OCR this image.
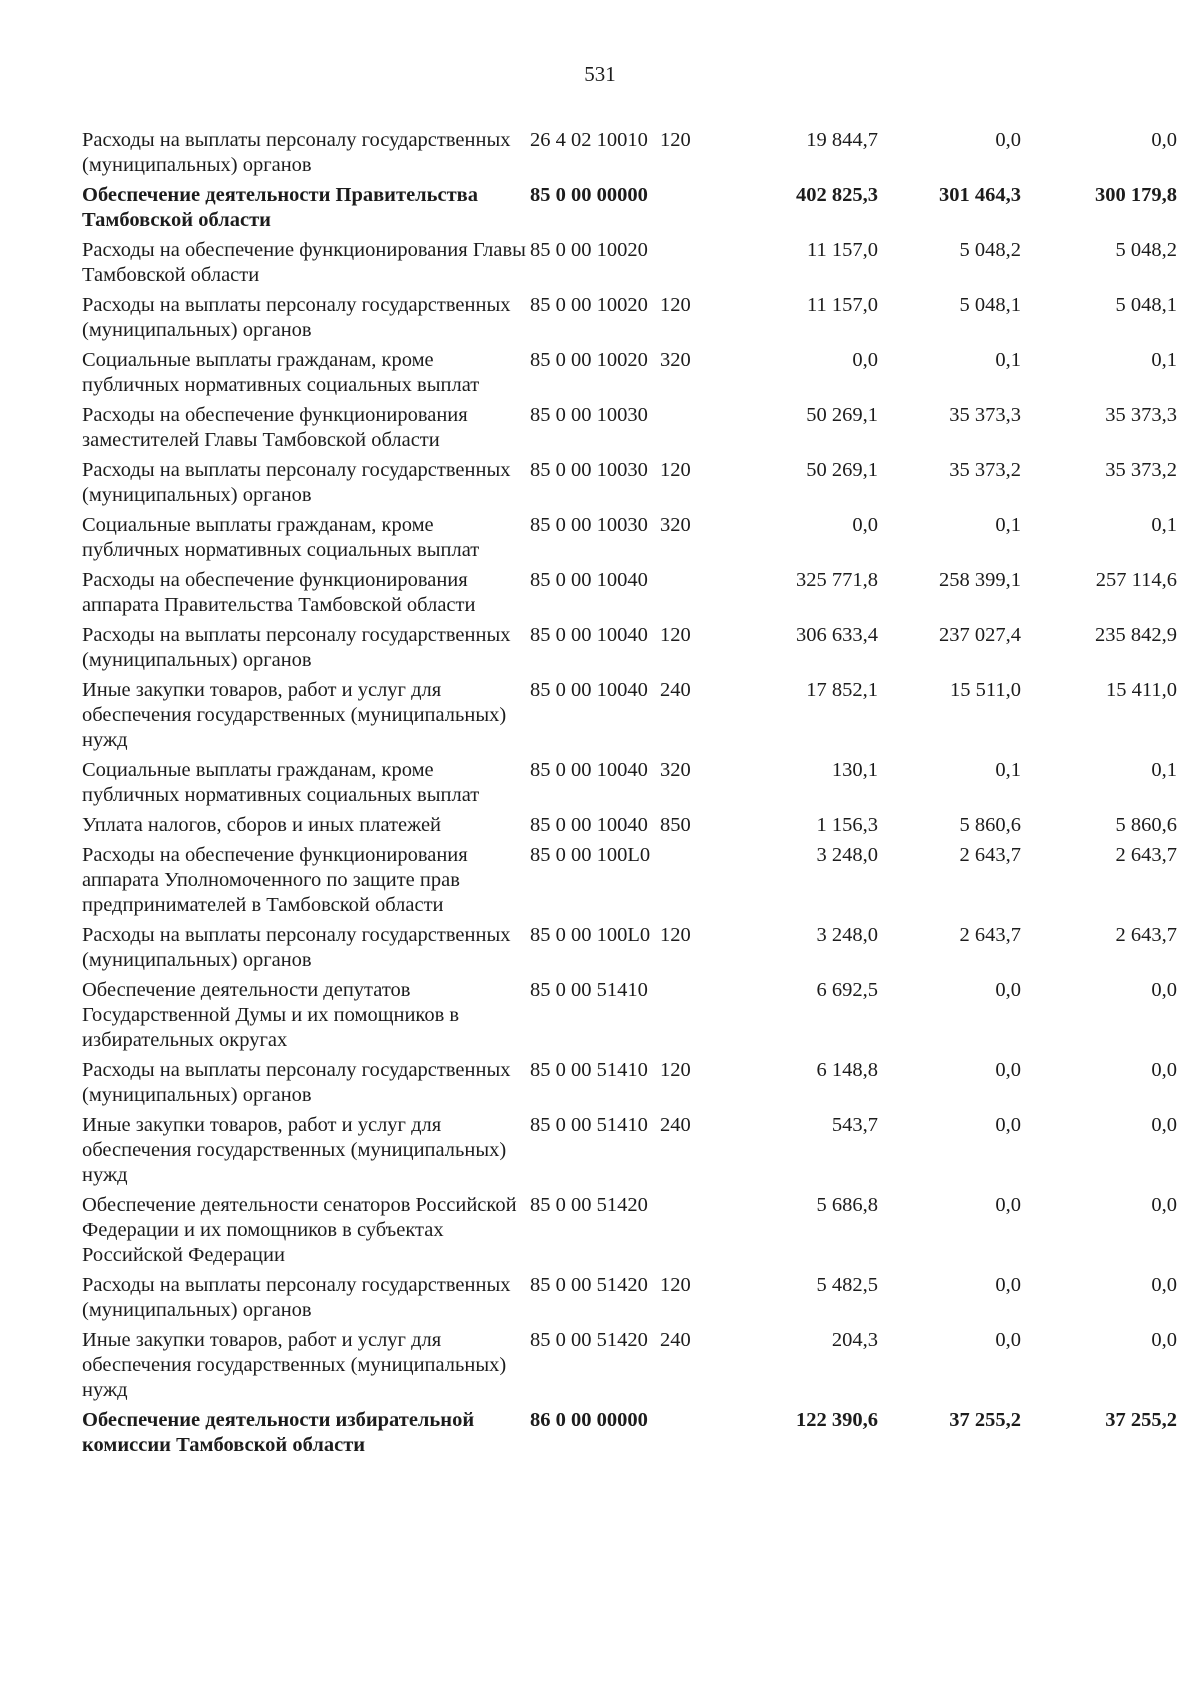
531
Расходы на выплаты персоналу государственных (муниципальных) органов	26 4 02 10010	120	19 844,7	0,0	0,0
Обеспечение деятельности Правительства Тамбовской области	85 0 00 00000		402 825,3	301 464,3	300 179,8
Расходы на обеспечение функционирования Главы Тамбовской области	85 0 00 10020		11 157,0	5 048,2	5 048,2
Расходы на выплаты персоналу государственных (муниципальных) органов	85 0 00 10020	120	11 157,0	5 048,1	5 048,1
Социальные выплаты гражданам, кроме публичных нормативных социальных выплат	85 0 00 10020	320	0,0	0,1	0,1
Расходы на обеспечение функционирования заместителей Главы Тамбовской области	85 0 00 10030		50 269,1	35 373,3	35 373,3
Расходы на выплаты персоналу государственных (муниципальных) органов	85 0 00 10030	120	50 269,1	35 373,2	35 373,2
Социальные выплаты гражданам, кроме публичных нормативных социальных выплат	85 0 00 10030	320	0,0	0,1	0,1
Расходы на обеспечение функционирования аппарата Правительства Тамбовской области	85 0 00 10040		325 771,8	258 399,1	257 114,6
Расходы на выплаты персоналу государственных (муниципальных) органов	85 0 00 10040	120	306 633,4	237 027,4	235 842,9
Иные закупки товаров, работ и услуг для обеспечения государственных (муниципальных) нужд	85 0 00 10040	240	17 852,1	15 511,0	15 411,0
Социальные выплаты гражданам, кроме публичных нормативных социальных выплат	85 0 00 10040	320	130,1	0,1	0,1
Уплата налогов, сборов и иных платежей	85 0 00 10040	850	1 156,3	5 860,6	5 860,6
Расходы на обеспечение функционирования аппарата Уполномоченного по защите прав предпринимателей в Тамбовской области	85 0 00 100L0		3 248,0	2 643,7	2 643,7
Расходы на выплаты персоналу государственных (муниципальных) органов	85 0 00 100L0	120	3 248,0	2 643,7	2 643,7
Обеспечение деятельности депутатов Государственной Думы и их помощников в избирательных округах	85 0 00 51410		6 692,5	0,0	0,0
Расходы на выплаты персоналу государственных (муниципальных) органов	85 0 00 51410	120	6 148,8	0,0	0,0
Иные закупки товаров, работ и услуг для обеспечения государственных (муниципальных) нужд	85 0 00 51410	240	543,7	0,0	0,0
Обеспечение деятельности сенаторов Российской Федерации и их помощников в субъектах Российской Федерации	85 0 00 51420		5 686,8	0,0	0,0
Расходы на выплаты персоналу государственных (муниципальных) органов	85 0 00 51420	120	5 482,5	0,0	0,0
Иные закупки товаров, работ и услуг для обеспечения государственных (муниципальных) нужд	85 0 00 51420	240	204,3	0,0	0,0
Обеспечение деятельности избирательной комиссии Тамбовской области	86 0 00 00000		122 390,6	37 255,2	37 255,2
